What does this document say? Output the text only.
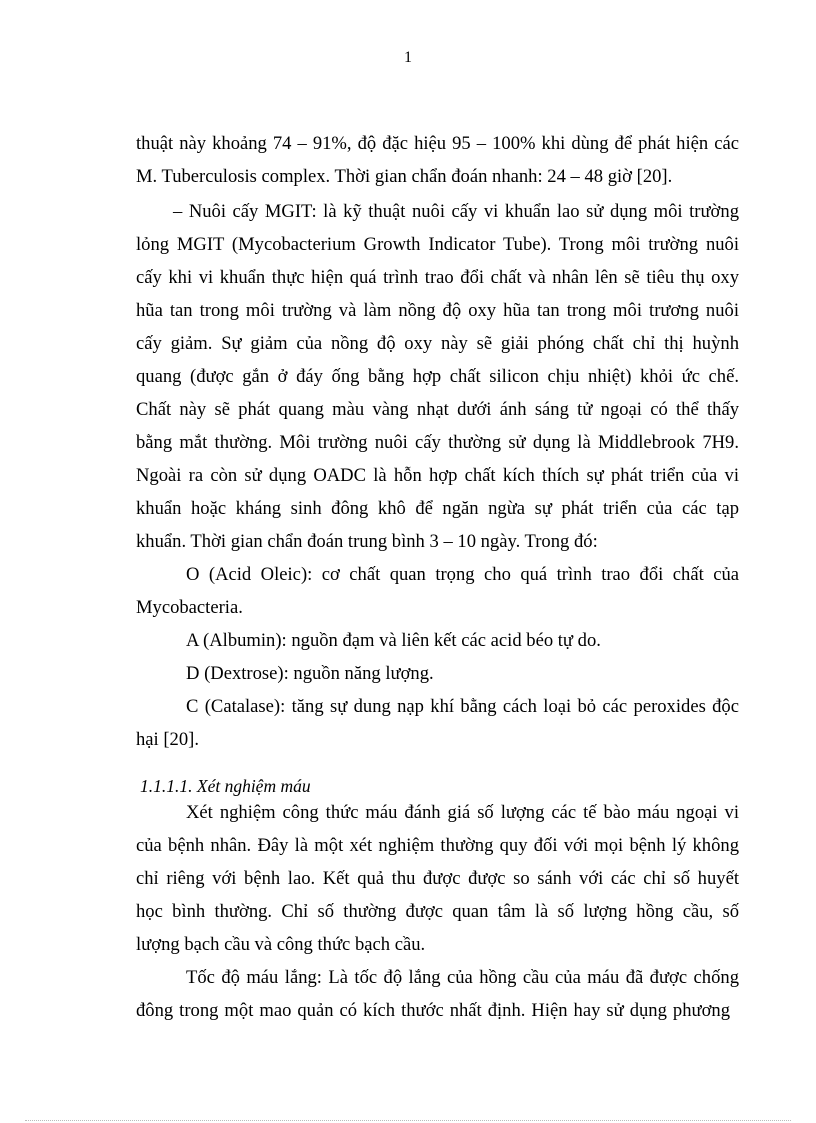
1
thuật này khoảng 74 – 91%, độ đặc hiệu 95 – 100% khi dùng để phát hiện các
M. Tuberculosis complex. Thời gian chẩn đoán nhanh: 24 – 48 giờ [20].
– Nuôi cấy MGIT: là kỹ thuật nuôi cấy vi khuẩn lao sử dụng môi trường
lỏng MGIT (Mycobacterium Growth Indicator Tube). Trong môi trường nuôi
cấy khi vi khuẩn thực hiện quá trình trao đổi chất và nhân lên sẽ tiêu thụ oxy
hũa tan trong môi trường và làm nồng độ oxy hũa tan trong môi trương nuôi
cấy giảm. Sự giảm của nồng độ oxy này sẽ giải phóng chất chỉ thị huỳnh
quang (được gắn ở đáy ống bằng hợp chất silicon chịu nhiệt) khỏi ức chế.
Chất này sẽ phát quang màu vàng nhạt dưới ánh sáng tử ngoại có thể thấy
bằng mắt thường. Môi trường nuôi cấy thường sử dụng là Middlebrook 7H9.
Ngoài ra còn sử dụng OADC là hỗn hợp chất kích thích sự phát triển của vi
khuẩn hoặc kháng sinh đông khô để ngăn ngừa sự phát triển của các tạp
khuẩn. Thời gian chẩn đoán trung bình 3 – 10 ngày. Trong đó:
O (Acid Oleic): cơ chất quan trọng cho quá trình trao đổi chất của
Mycobacteria.
A (Albumin): nguồn đạm và liên kết các acid béo tự do.
D (Dextrose): nguồn năng lượng.
C (Catalase): tăng sự dung nạp khí bằng cách loại bỏ các peroxides độc
hại [20].
1.1.1.1. Xét nghiệm máu
Xét nghiệm công thức máu đánh giá số lượng các tế bào máu ngoại vi
của bệnh nhân. Đây là một xét nghiệm thường quy đối với mọi bệnh lý không
chỉ riêng với bệnh lao. Kết quả thu được được so sánh với các chỉ số huyết
học bình thường. Chỉ số thường được quan tâm là số lượng hồng cầu, số
lượng bạch cầu và công thức bạch cầu.
Tốc độ máu lắng: Là tốc độ lắng của hồng cầu của máu đã được chống
đông trong một mao quản có kích thước nhất định. Hiện hay sử dụng phương
